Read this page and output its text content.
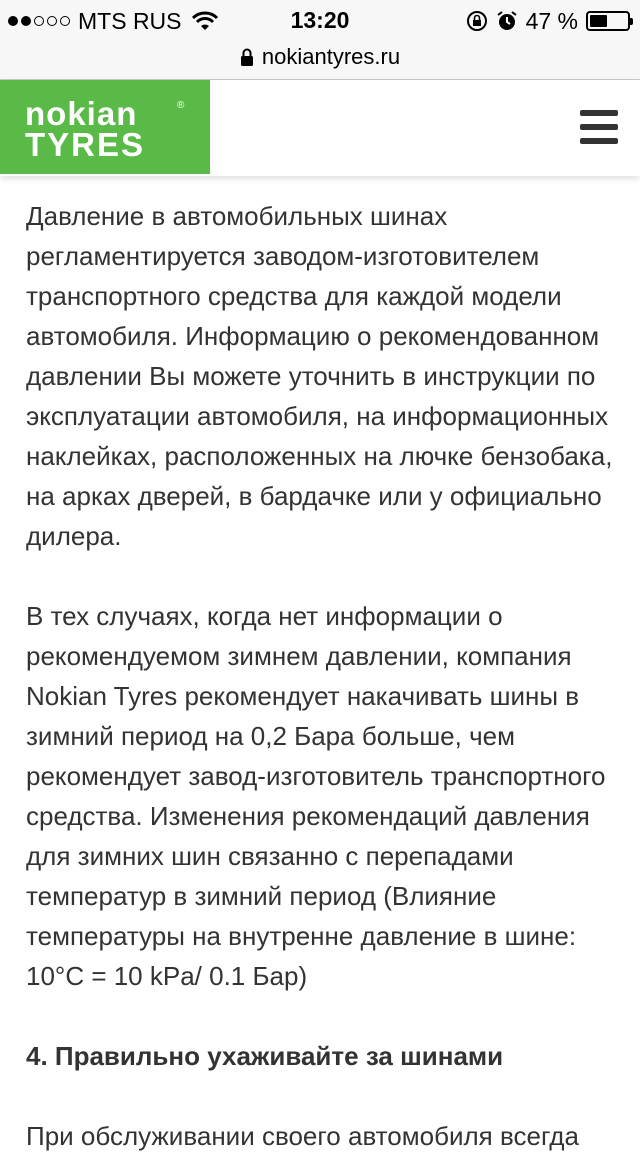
MTS RUS	13:20	47 %
nokiantyres.ru
nokian	®
TYRES

Давление в автомобильных шинах регламентируется заводом-изготовителем транспортного средства для каждой модели автомобиля. Информацию о рекомендованном давлении Вы можете уточнить в инструкции по эксплуатации автомобиля, на информационных наклейках, расположенных на лючке бензобака, на арках дверей, в бардачке или у официально дилера.

В тех случаях, когда нет информации о рекомендуемом зимнем давлении, компания Nokian Tyres рекомендует накачивать шины в зимний период на 0,2 Бара больше, чем рекомендует завод-изготовитель транспортного средства. Изменения рекомендаций давления для зимних шин связанно с перепадами температур в зимний период (Влияние температуры на внутренне давление в шине: 10°C = 10 kPa/ 0.1 Бар)

4. Правильно ухаживайте за шинами

При обслуживании своего автомобиля всегда
